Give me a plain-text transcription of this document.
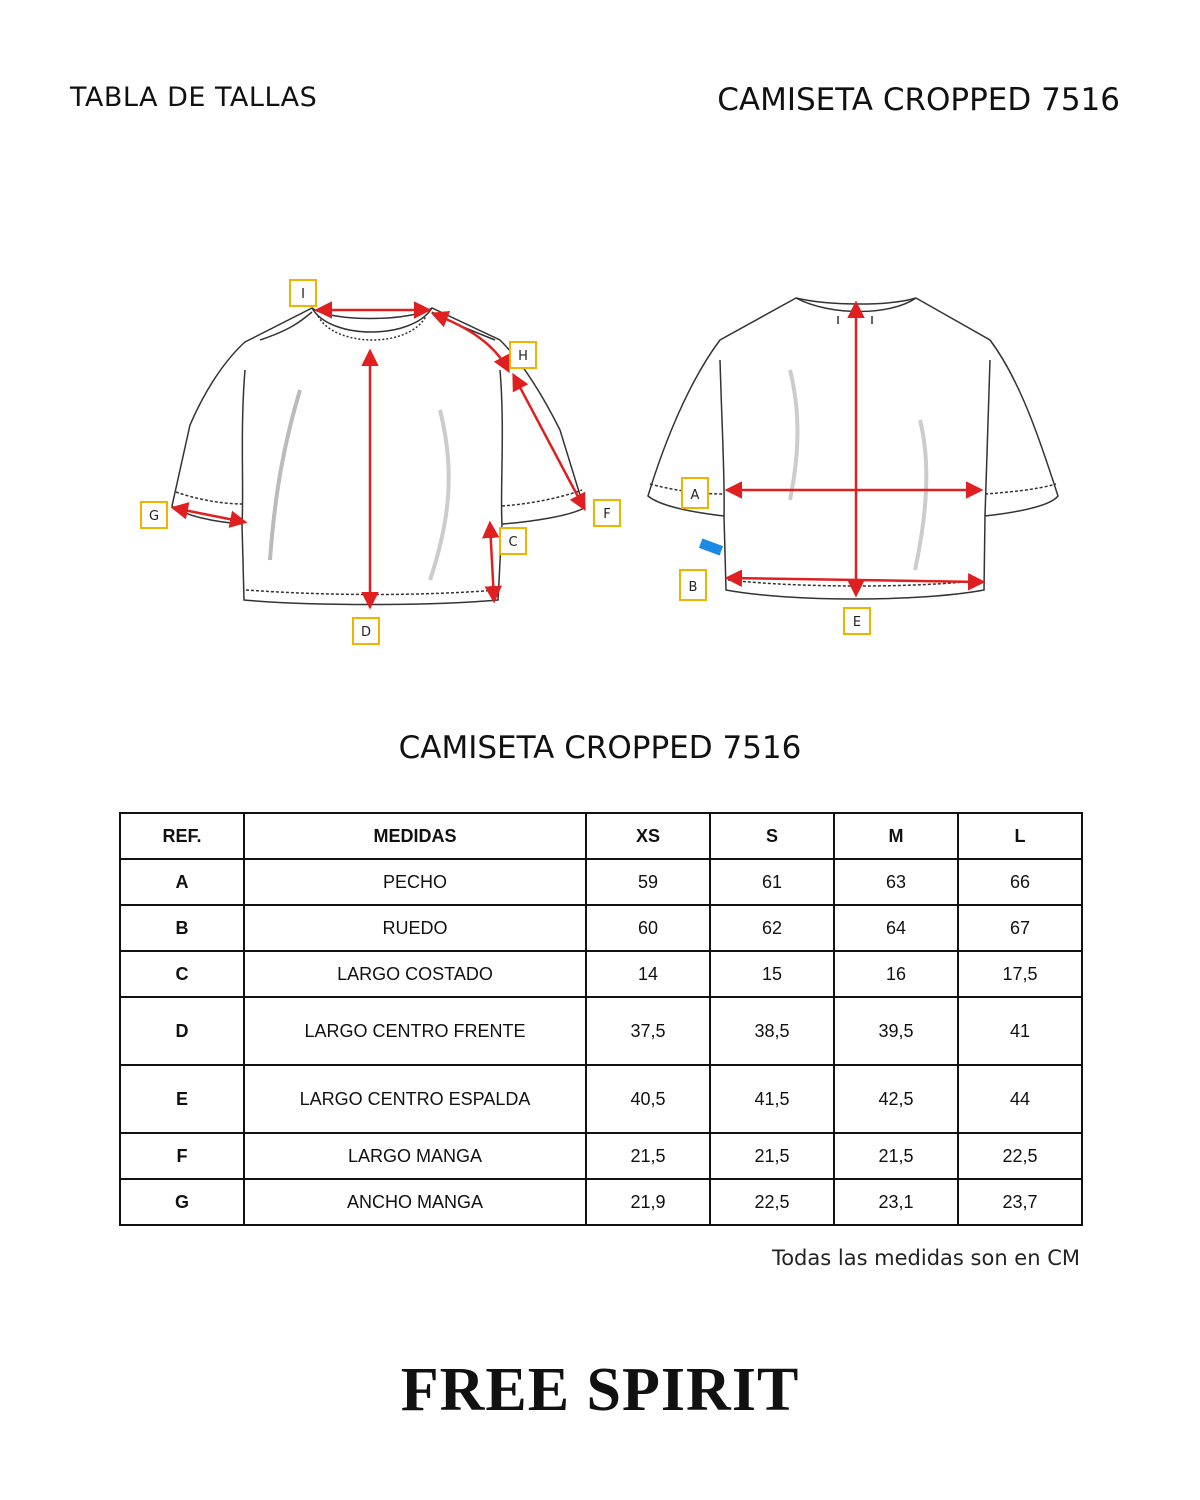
TABLA DE TALLAS	CAMISETA CROPPED 7516
I
H
F
C
D
G
A
B
E
CAMISETA CROPPED 7516
REF.	MEDIDAS	XS	S	M	L
A	PECHO	59	61	63	66
B	RUEDO	60	62	64	67
C	LARGO COSTADO	14	15	16	17,5
D	LARGO CENTRO FRENTE	37,5	38,5	39,5	41
E	LARGO CENTRO ESPALDA	40,5	41,5	42,5	44
F	LARGO MANGA	21,5	21,5	21,5	22,5
G	ANCHO MANGA	21,9	22,5	23,1	23,7
Todas las medidas son en CM
FREE SPIRIT
